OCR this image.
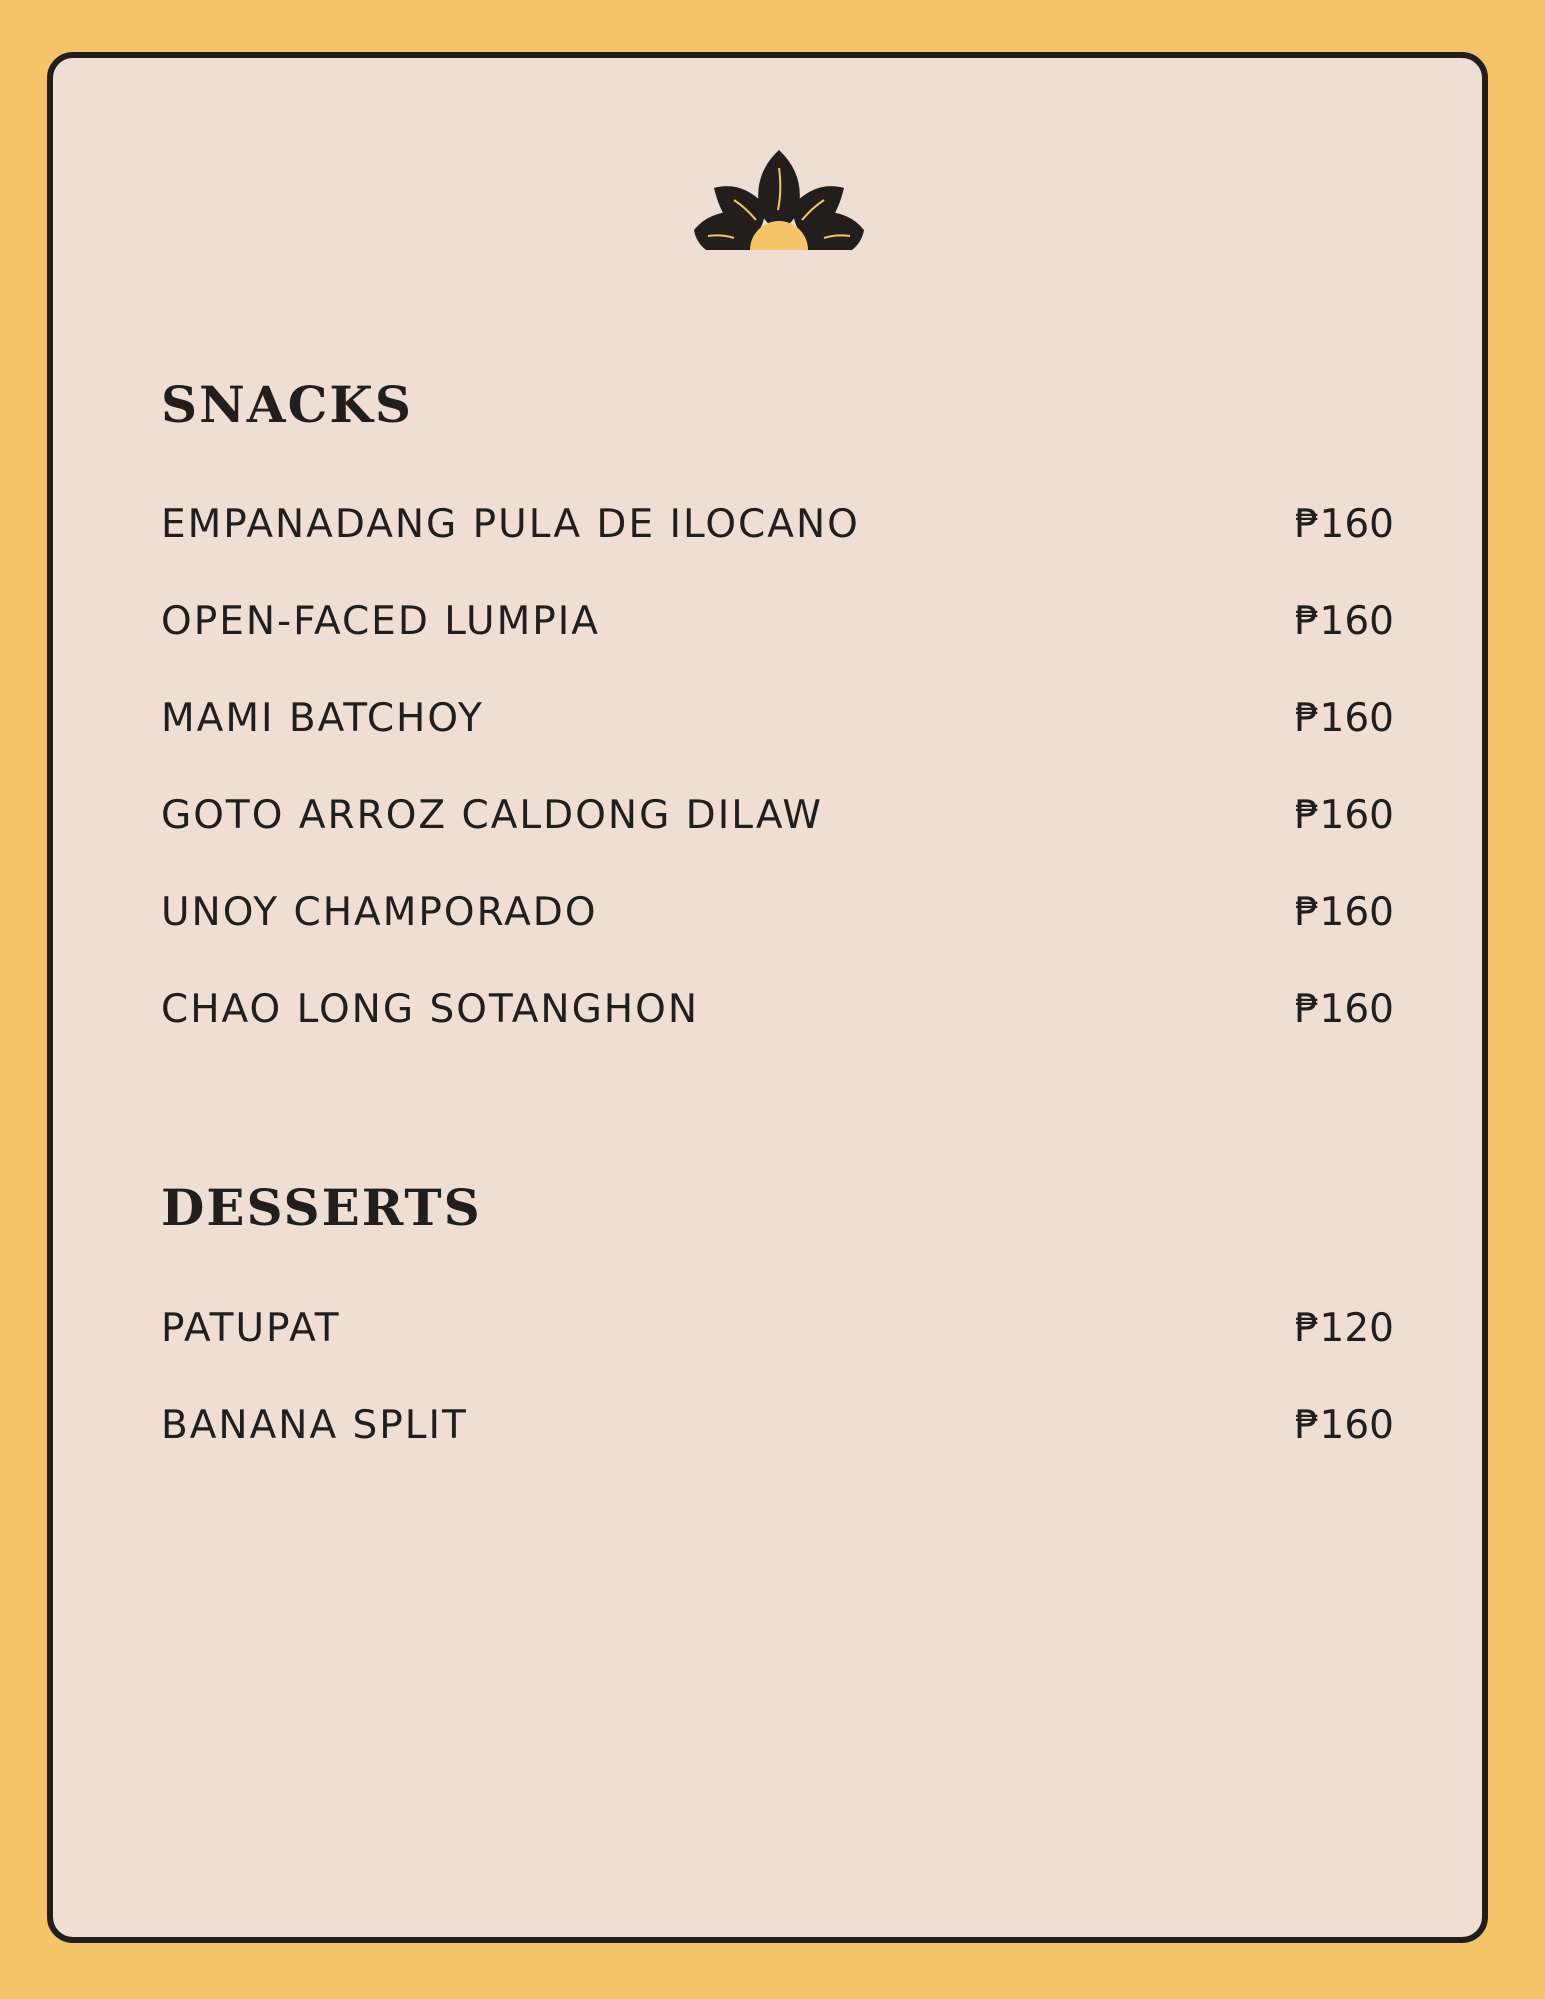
SNACKS
EMPANADANG PULA DE ILOCANO	₱160
OPEN-FACED LUMPIA	₱160
MAMI BATCHOY	₱160
GOTO ARROZ CALDONG DILAW	₱160
UNOY CHAMPORADO	₱160
CHAO LONG SOTANGHON	₱160
DESSERTS
PATUPAT	₱120
BANANA SPLIT	₱160
